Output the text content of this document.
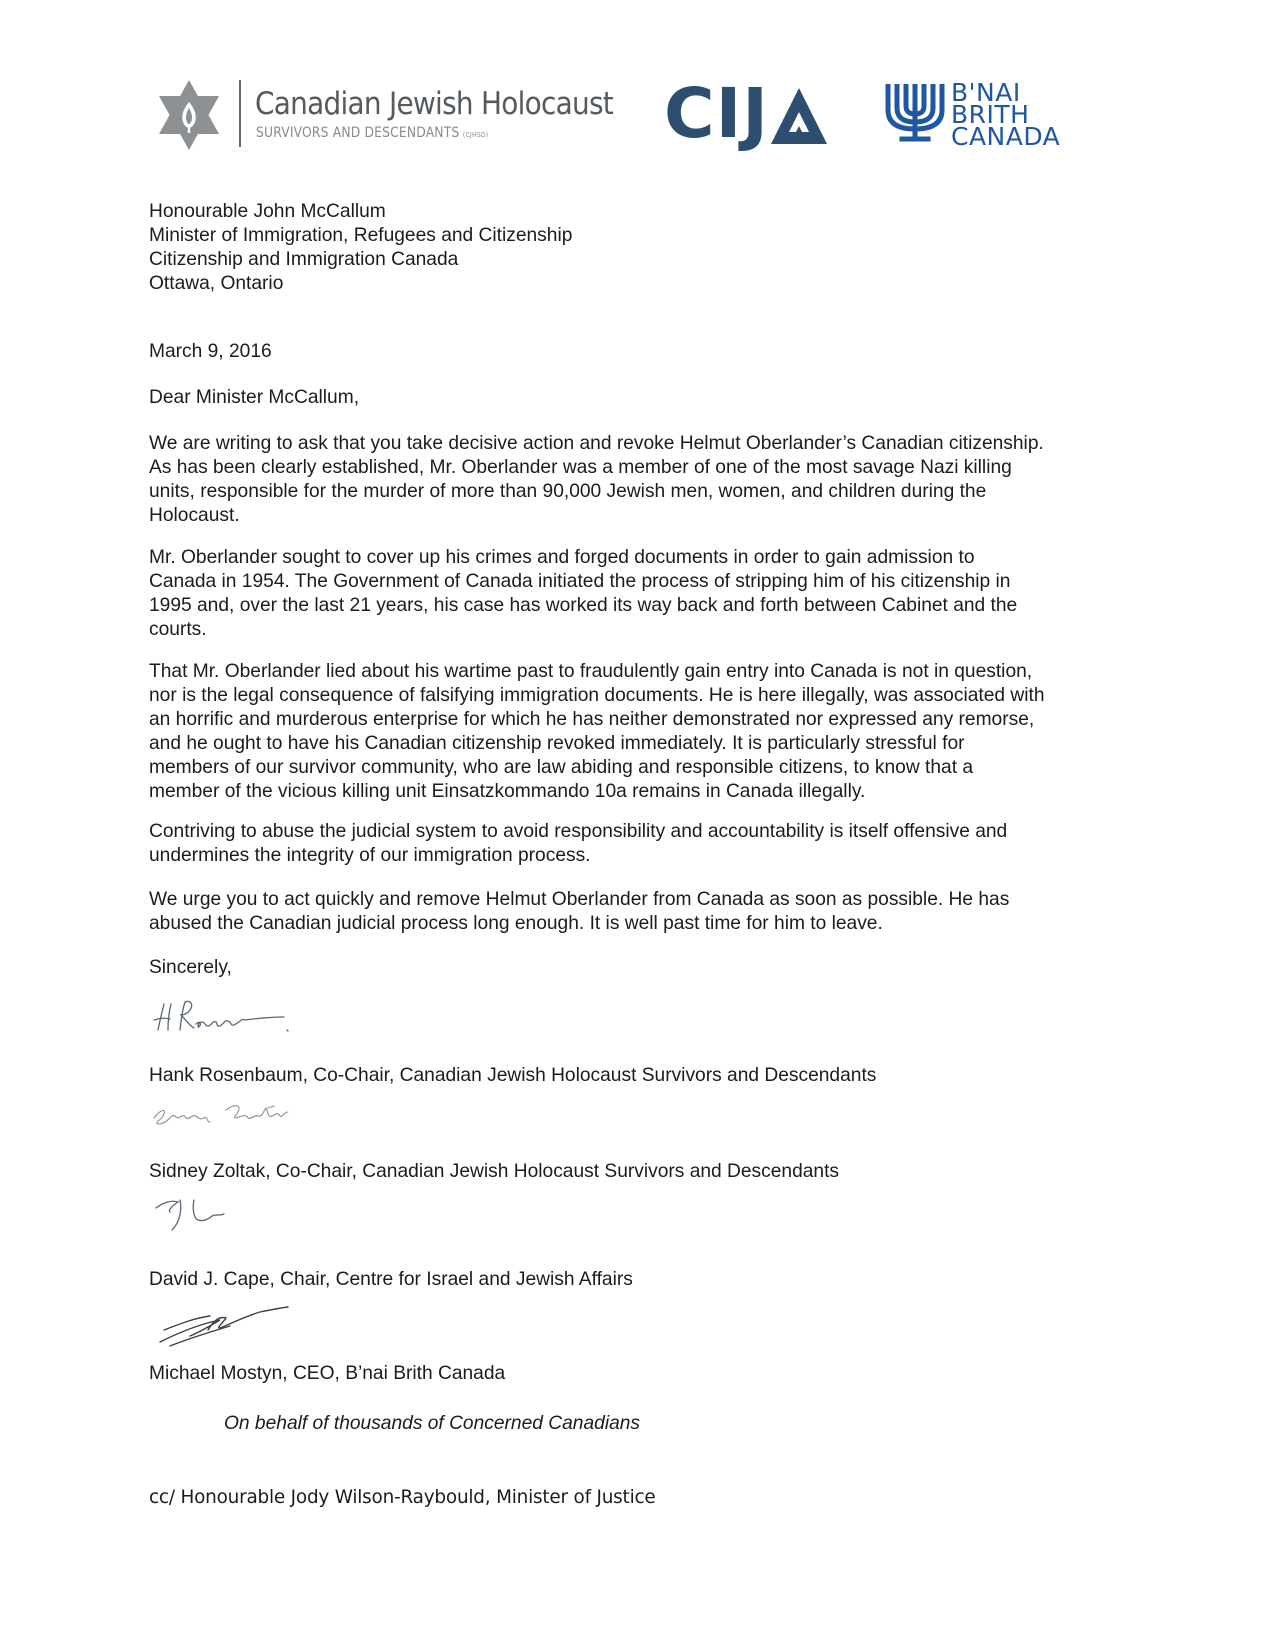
Canadian Jewish Holocaust
SURVIVORS AND DESCENDANTS (CJHSD)	CIJ	B'NAI
BRITH
CANADA
Honourable John McCallum
Minister of Immigration, Refugees and Citizenship
Citizenship and Immigration Canada
Ottawa, Ontario
March 9, 2016
Dear Minister McCallum,
We are writing to ask that you take decisive action and revoke Helmut Oberlander’s Canadian citizenship.
As has been clearly established, Mr. Oberlander was a member of one of the most savage Nazi killing
units, responsible for the murder of more than 90,000 Jewish men, women, and children during the
Holocaust.
Mr. Oberlander sought to cover up his crimes and forged documents in order to gain admission to
Canada in 1954. The Government of Canada initiated the process of stripping him of his citizenship in
1995 and, over the last 21 years, his case has worked its way back and forth between Cabinet and the
courts.
That Mr. Oberlander lied about his wartime past to fraudulently gain entry into Canada is not in question,
nor is the legal consequence of falsifying immigration documents. He is here illegally, was associated with
an horrific and murderous enterprise for which he has neither demonstrated nor expressed any remorse,
and he ought to have his Canadian citizenship revoked immediately. It is particularly stressful for
members of our survivor community, who are law abiding and responsible citizens, to know that a
member of the vicious killing unit Einsatzkommando 10a remains in Canada illegally.
Contriving to abuse the judicial system to avoid responsibility and accountability is itself offensive and
undermines the integrity of our immigration process.
We urge you to act quickly and remove Helmut Oberlander from Canada as soon as possible. He has
abused the Canadian judicial process long enough. It is well past time for him to leave.
Sincerely,
Hank Rosenbaum, Co-Chair, Canadian Jewish Holocaust Survivors and Descendants
Sidney Zoltak, Co-Chair, Canadian Jewish Holocaust Survivors and Descendants
David J. Cape, Chair, Centre for Israel and Jewish Affairs
Michael Mostyn, CEO, B’nai Brith Canada
On behalf of thousands of Concerned Canadians
cc/ Honourable Jody Wilson-Raybould, Minister of Justice
